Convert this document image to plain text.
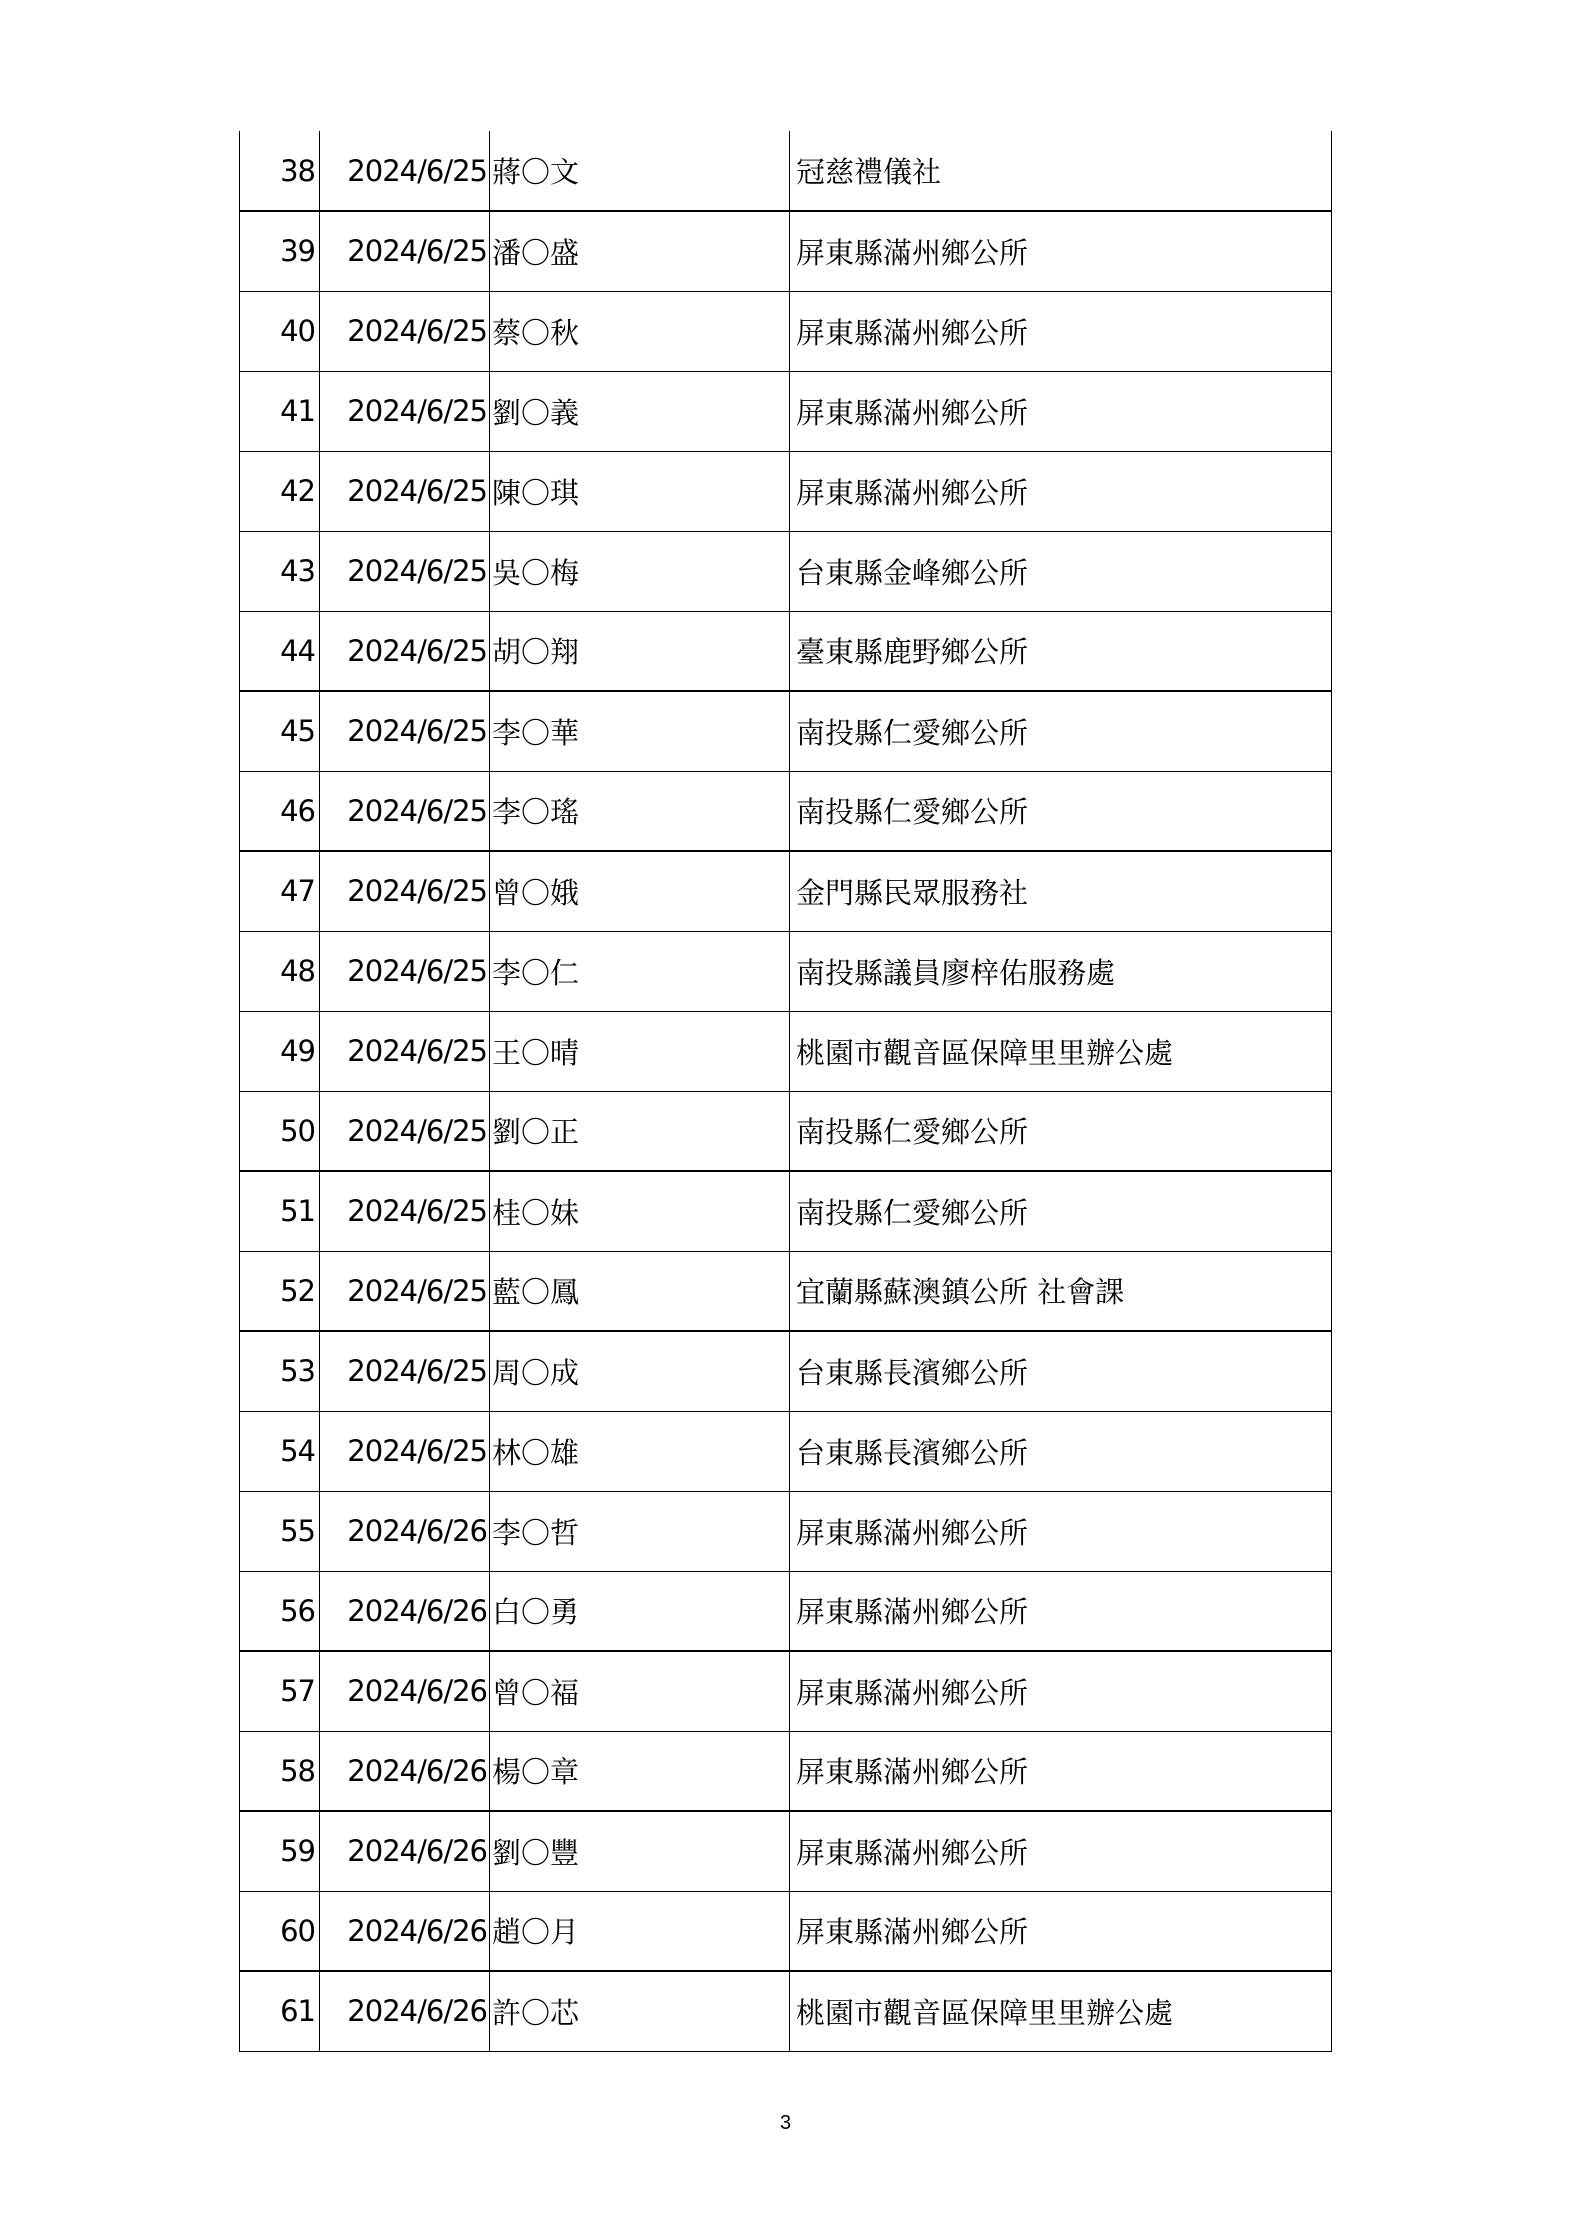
38	2024/6/25	蔣〇文	冠慈禮儀社
39	2024/6/25	潘〇盛	屏東縣滿州鄉公所
40	2024/6/25	蔡〇秋	屏東縣滿州鄉公所
41	2024/6/25	劉〇義	屏東縣滿州鄉公所
42	2024/6/25	陳〇琪	屏東縣滿州鄉公所
43	2024/6/25	吳〇梅	台東縣金峰鄉公所
44	2024/6/25	胡〇翔	臺東縣鹿野鄉公所
45	2024/6/25	李〇華	南投縣仁愛鄉公所
46	2024/6/25	李〇瑤	南投縣仁愛鄉公所
47	2024/6/25	曾〇娥	金門縣民眾服務社
48	2024/6/25	李〇仁	南投縣議員廖梓佑服務處
49	2024/6/25	王〇晴	桃園市觀音區保障里里辦公處
50	2024/6/25	劉〇正	南投縣仁愛鄉公所
51	2024/6/25	桂〇妹	南投縣仁愛鄉公所
52	2024/6/25	藍〇鳳	宜蘭縣蘇澳鎮公所 社會課
53	2024/6/25	周〇成	台東縣長濱鄉公所
54	2024/6/25	林〇雄	台東縣長濱鄉公所
55	2024/6/26	李〇哲	屏東縣滿州鄉公所
56	2024/6/26	白〇勇	屏東縣滿州鄉公所
57	2024/6/26	曾〇福	屏東縣滿州鄉公所
58	2024/6/26	楊〇章	屏東縣滿州鄉公所
59	2024/6/26	劉〇豐	屏東縣滿州鄉公所
60	2024/6/26	趙〇月	屏東縣滿州鄉公所
61	2024/6/26	許〇芯	桃園市觀音區保障里里辦公處
3
